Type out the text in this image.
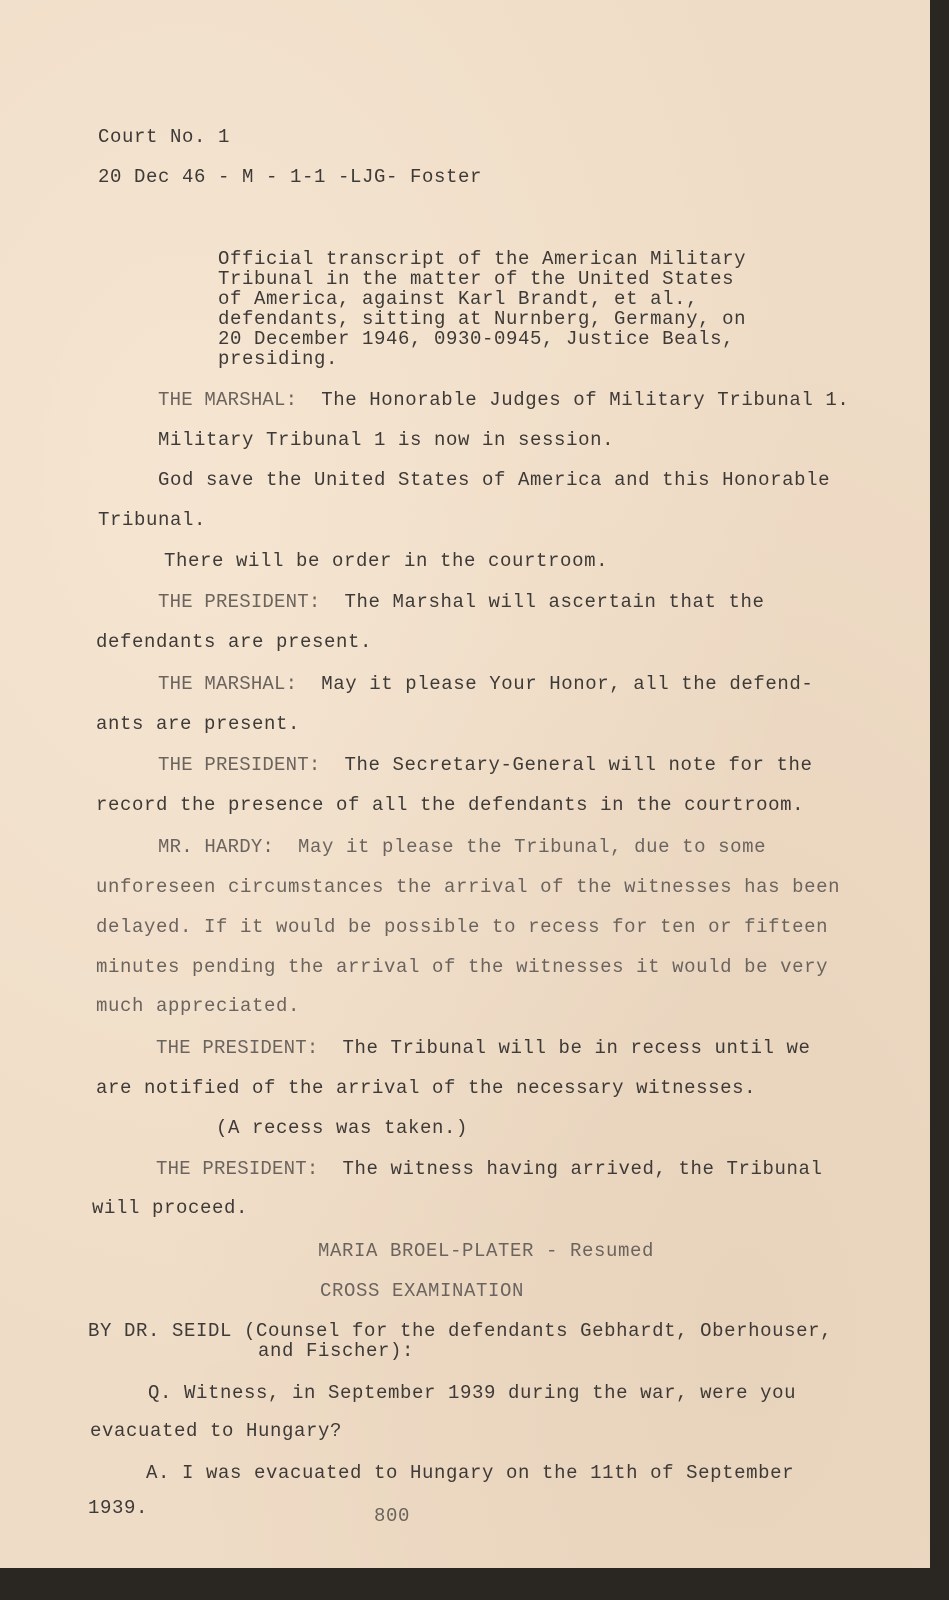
Court No. 1
20 Dec 46 - M - 1-1 -LJG- Foster
Official transcript of the American Military
Tribunal in the matter of the United States
of America, against Karl Brandt, et al.,
defendants, sitting at Nurnberg, Germany, on
20 December 1946, 0930-0945, Justice Beals,
presiding.
THE MARSHAL: The Honorable Judges of Military Tribunal 1.
Military Tribunal 1 is now in session.
God save the United States of America and this Honorable
Tribunal.
There will be order in the courtroom.
THE PRESIDENT: The Marshal will ascertain that the
defendants are present.
THE MARSHAL: May it please Your Honor, all the defend-
ants are present.
THE PRESIDENT: The Secretary-General will note for the
record the presence of all the defendants in the courtroom.
MR. HARDY: May it please the Tribunal, due to some
unforeseen circumstances the arrival of the witnesses has been
delayed. If it would be possible to recess for ten or fifteen
minutes pending the arrival of the witnesses it would be very
much appreciated.
THE PRESIDENT: The Tribunal will be in recess until we
are notified of the arrival of the necessary witnesses.
(A recess was taken.)
THE PRESIDENT: The witness having arrived, the Tribunal
will proceed.
MARIA BROEL-PLATER - Resumed
CROSS EXAMINATION
BY DR. SEIDL (Counsel for the defendants Gebhardt, Oberhouser,
and Fischer):
Q. Witness, in September 1939 during the war, were you
evacuated to Hungary?
A. I was evacuated to Hungary on the 11th of September
1939.	800
